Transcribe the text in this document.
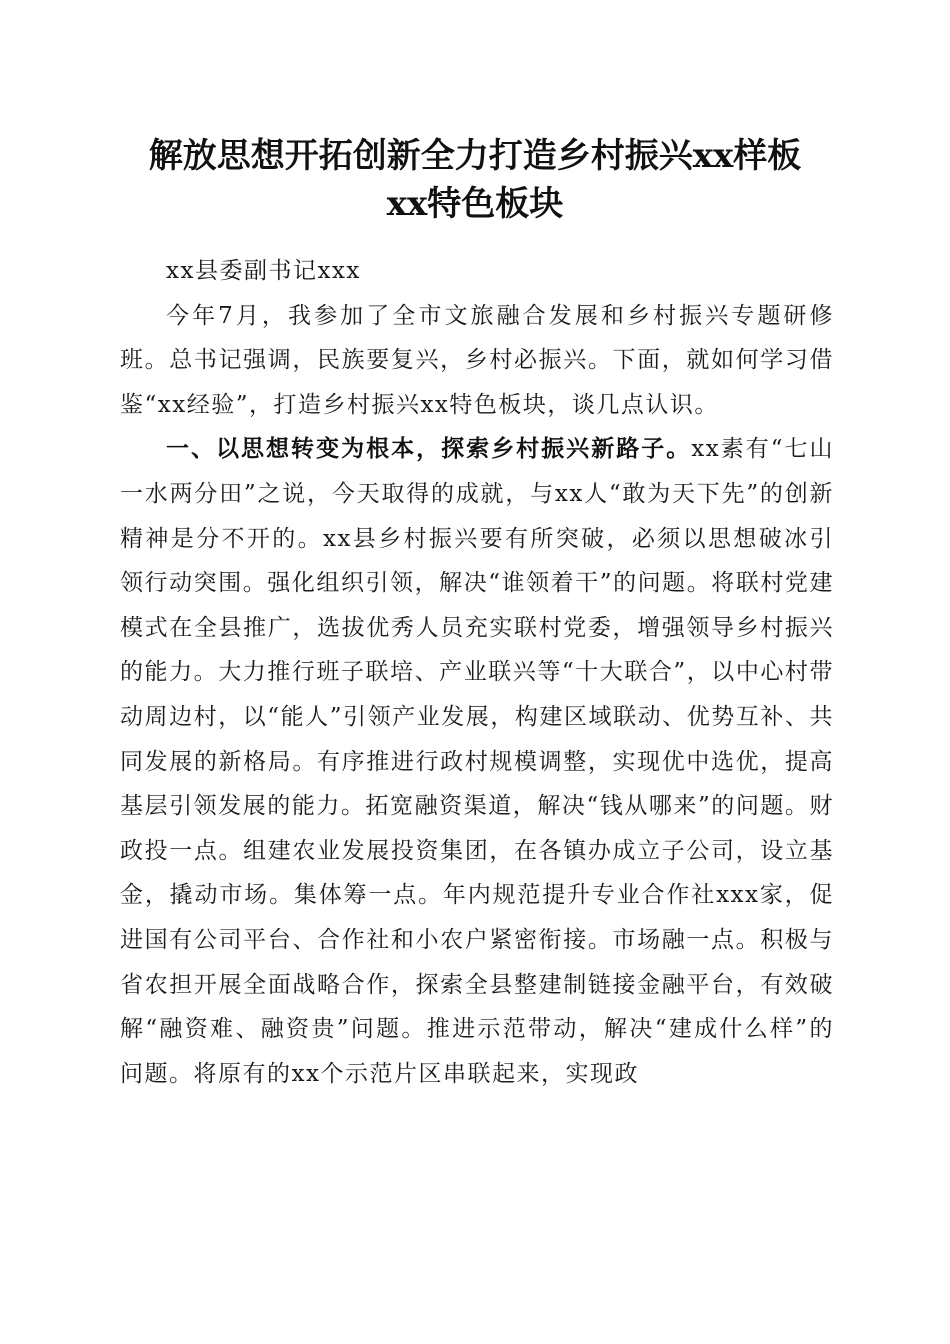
解放思想开拓创新全力打造乡村振兴xx样板
xx特色板块

xx县委副书记xxx

今年7月，我参加了全市文旅融合发展和乡村振兴专题研修班。总书记强调，民族要复兴，乡村必振兴。下面，就如何学习借鉴“xx经验”，打造乡村振兴xx特色板块，谈几点认识。

一、以思想转变为根本，探索乡村振兴新路子。xx素有“七山一水两分田”之说，今天取得的成就，与xx人“敢为天下先”的创新精神是分不开的。xx县乡村振兴要有所突破，必须以思想破冰引领行动突围。强化组织引领，解决“谁领着干”的问题。将联村党建模式在全县推广，选拔优秀人员充实联村党委，增强领导乡村振兴的能力。大力推行班子联培、产业联兴等“十大联合”，以中心村带动周边村，以“能人”引领产业发展，构建区域联动、优势互补、共同发展的新格局。有序推进行政村规模调整，实现优中选优，提高基层引领发展的能力。拓宽融资渠道，解决“钱从哪来”的问题。财政投一点。组建农业发展投资集团，在各镇办成立子公司，设立基金，撬动市场。集体筹一点。年内规范提升专业合作社xxx家，促进国有公司平台、合作社和小农户紧密衔接。市场融一点。积极与省农担开展全面战略合作，探索全县整建制链接金融平台，有效破解“融资难、融资贵”问题。推进示范带动，解决“建成什么样”的问题。将原有的xx个示范片区串联起来，实现政
